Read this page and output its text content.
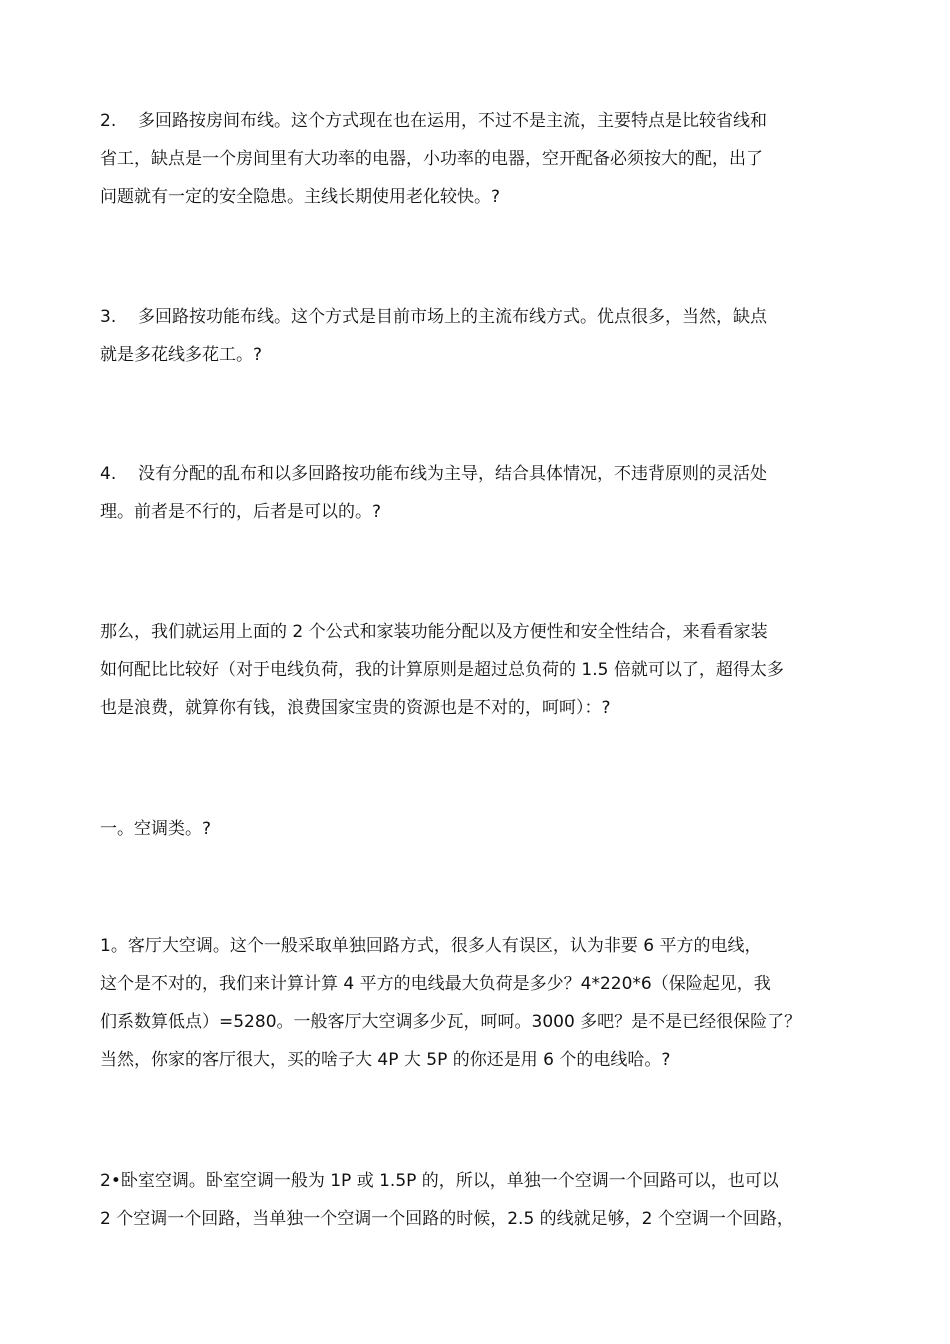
2. 多回路按房间布线。这个方式现在也在运用，不过不是主流，主要特点是比较省线和
省工，缺点是一个房间里有大功率的电器，小功率的电器，空开配备必须按大的配，出了
问题就有一定的安全隐患。主线长期使用老化较快。?
3. 多回路按功能布线。这个方式是目前市场上的主流布线方式。优点很多，当然，缺点
就是多花线多花工。?
4. 没有分配的乱布和以多回路按功能布线为主导，结合具体情况，不违背原则的灵活处
理。前者是不行的，后者是可以的。?
那么，我们就运用上面的 2 个公式和家装功能分配以及方便性和安全性结合，来看看家装
如何配比比较好（对于电线负荷，我的计算原则是超过总负荷的 1.5 倍就可以了，超得太多
也是浪费，就算你有钱，浪费国家宝贵的资源也是不对的，呵呵）：?
一。空调类。?
1。客厅大空调。这个一般采取单独回路方式，很多人有误区，认为非要 6 平方的电线，
这个是不对的，我们来计算计算 4 平方的电线最大负荷是多少？4*220*6（保险起见，我
们系数算低点）=5280。一般客厅大空调多少瓦，呵呵。3000 多吧？是不是已经很保险了？
当然，你家的客厅很大，买的啥子大 4P 大 5P 的你还是用 6 个的电线哈。?
2•卧室空调。卧室空调一般为 1P 或 1.5P 的，所以，单独一个空调一个回路可以，也可以
2 个空调一个回路，当单独一个空调一个回路的时候，2.5 的线就足够，2 个空调一个回路，
